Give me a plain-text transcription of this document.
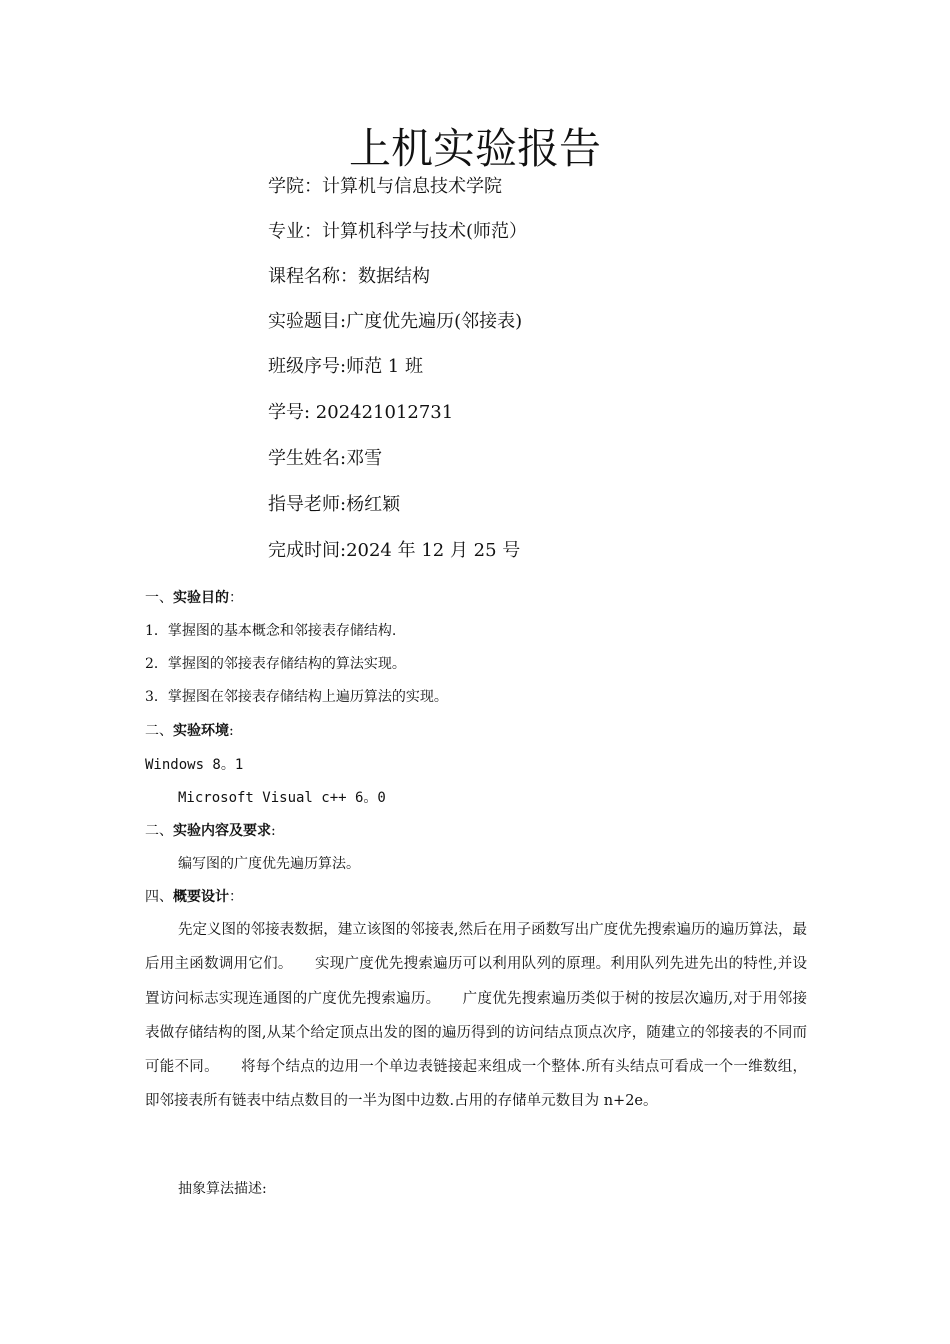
上机实验报告
学院：计算机与信息技术学院
专业：计算机科学与技术(师范）
课程名称：数据结构
实验题目:广度优先遍历(邻接表)
班级序号:师范 1 班
学号: 202421012731
学生姓名:邓雪
指导老师:杨红颖
完成时间:2024 年 12 月 25 号
一、实验目的：
1．掌握图的基本概念和邻接表存储结构.
2．掌握图的邻接表存储结构的算法实现。
3．掌握图在邻接表存储结构上遍历算法的实现。
二、实验环境:
Windows 8。1
Microsoft Visual c++ 6。0
二、实验内容及要求:
编写图的广度优先遍历算法。
四、概要设计：
先定义图的邻接表数据，建立该图的邻接表,然后在用子函数写出广度优先搜索遍历的遍历算法，最后用主函数调用它们。　　实现广度优先搜索遍历可以利用队列的原理。利用队列先进先出的特性,并设置访问标志实现连通图的广度优先搜索遍历。　　广度优先搜索遍历类似于树的按层次遍历,对于用邻接表做存储结构的图,从某个给定顶点出发的图的遍历得到的访问结点顶点次序，随建立的邻接表的不同而可能不同。　　将每个结点的边用一个单边表链接起来组成一个整体.所有头结点可看成一个一维数组，即邻接表所有链表中结点数目的一半为图中边数.占用的存储单元数目为 n+2e。
抽象算法描述:
